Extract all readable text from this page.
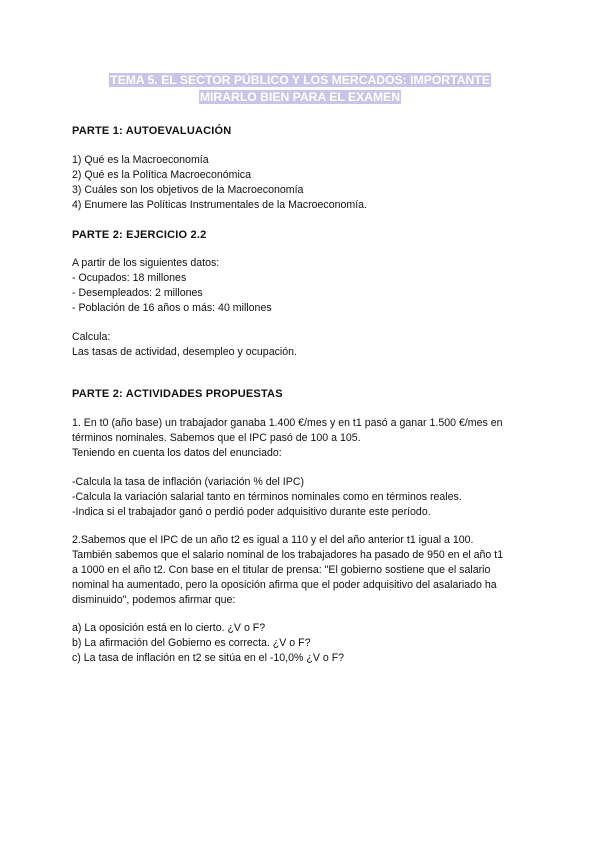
TEMA 5. EL SECTOR PÚBLICO Y LOS MERCADOS: IMPORTANTE
MIRARLO BIEN PARA EL EXAMEN
PARTE 1: AUTOEVALUACIÓN
1) Qué es la Macroeconomía
2) Qué es la Política Macroeconómica
3) Cuáles son los objetivos de la Macroeconomía
4) Enumere las Políticas Instrumentales de la Macroeconomía.
PARTE 2: EJERCICIO 2.2
A partir de los siguientes datos:
- Ocupados: 18 millones
- Desempleados: 2 millones
- Población de 16 años o más: 40 millones
Calcula:
Las tasas de actividad, desempleo y ocupación.
PARTE 2: ACTIVIDADES PROPUESTAS
1. En t0 (año base) un trabajador ganaba 1.400 €/mes y en t1 pasó a ganar 1.500 €/mes en
términos nominales. Sabemos que el IPC pasó de 100 a 105.
Teniendo en cuenta los datos del enunciado:
-Calcula la tasa de inflación (variación % del IPC)
-Calcula la variación salarial tanto en términos nominales como en términos reales.
-Indica si el trabajador ganó o perdió poder adquisitivo durante este período.
2.Sabemos que el IPC de un año t2 es igual a 110 y el del año anterior t1 igual a 100.
También sabemos que el salario nominal de los trabajadores ha pasado de 950 en el año t1
a 1000 en el año t2. Con base en el titular de prensa: "El gobierno sostiene que el salario
nominal ha aumentado, pero la oposición afirma que el poder adquisitivo del asalariado ha
disminuido", podemos afirmar que:
a) La oposición está en lo cierto. ¿V o F?
b) La afirmación del Gobierno es correcta. ¿V o F?
c) La tasa de inflación en t2 se sitúa en el -10,0% ¿V o F?
